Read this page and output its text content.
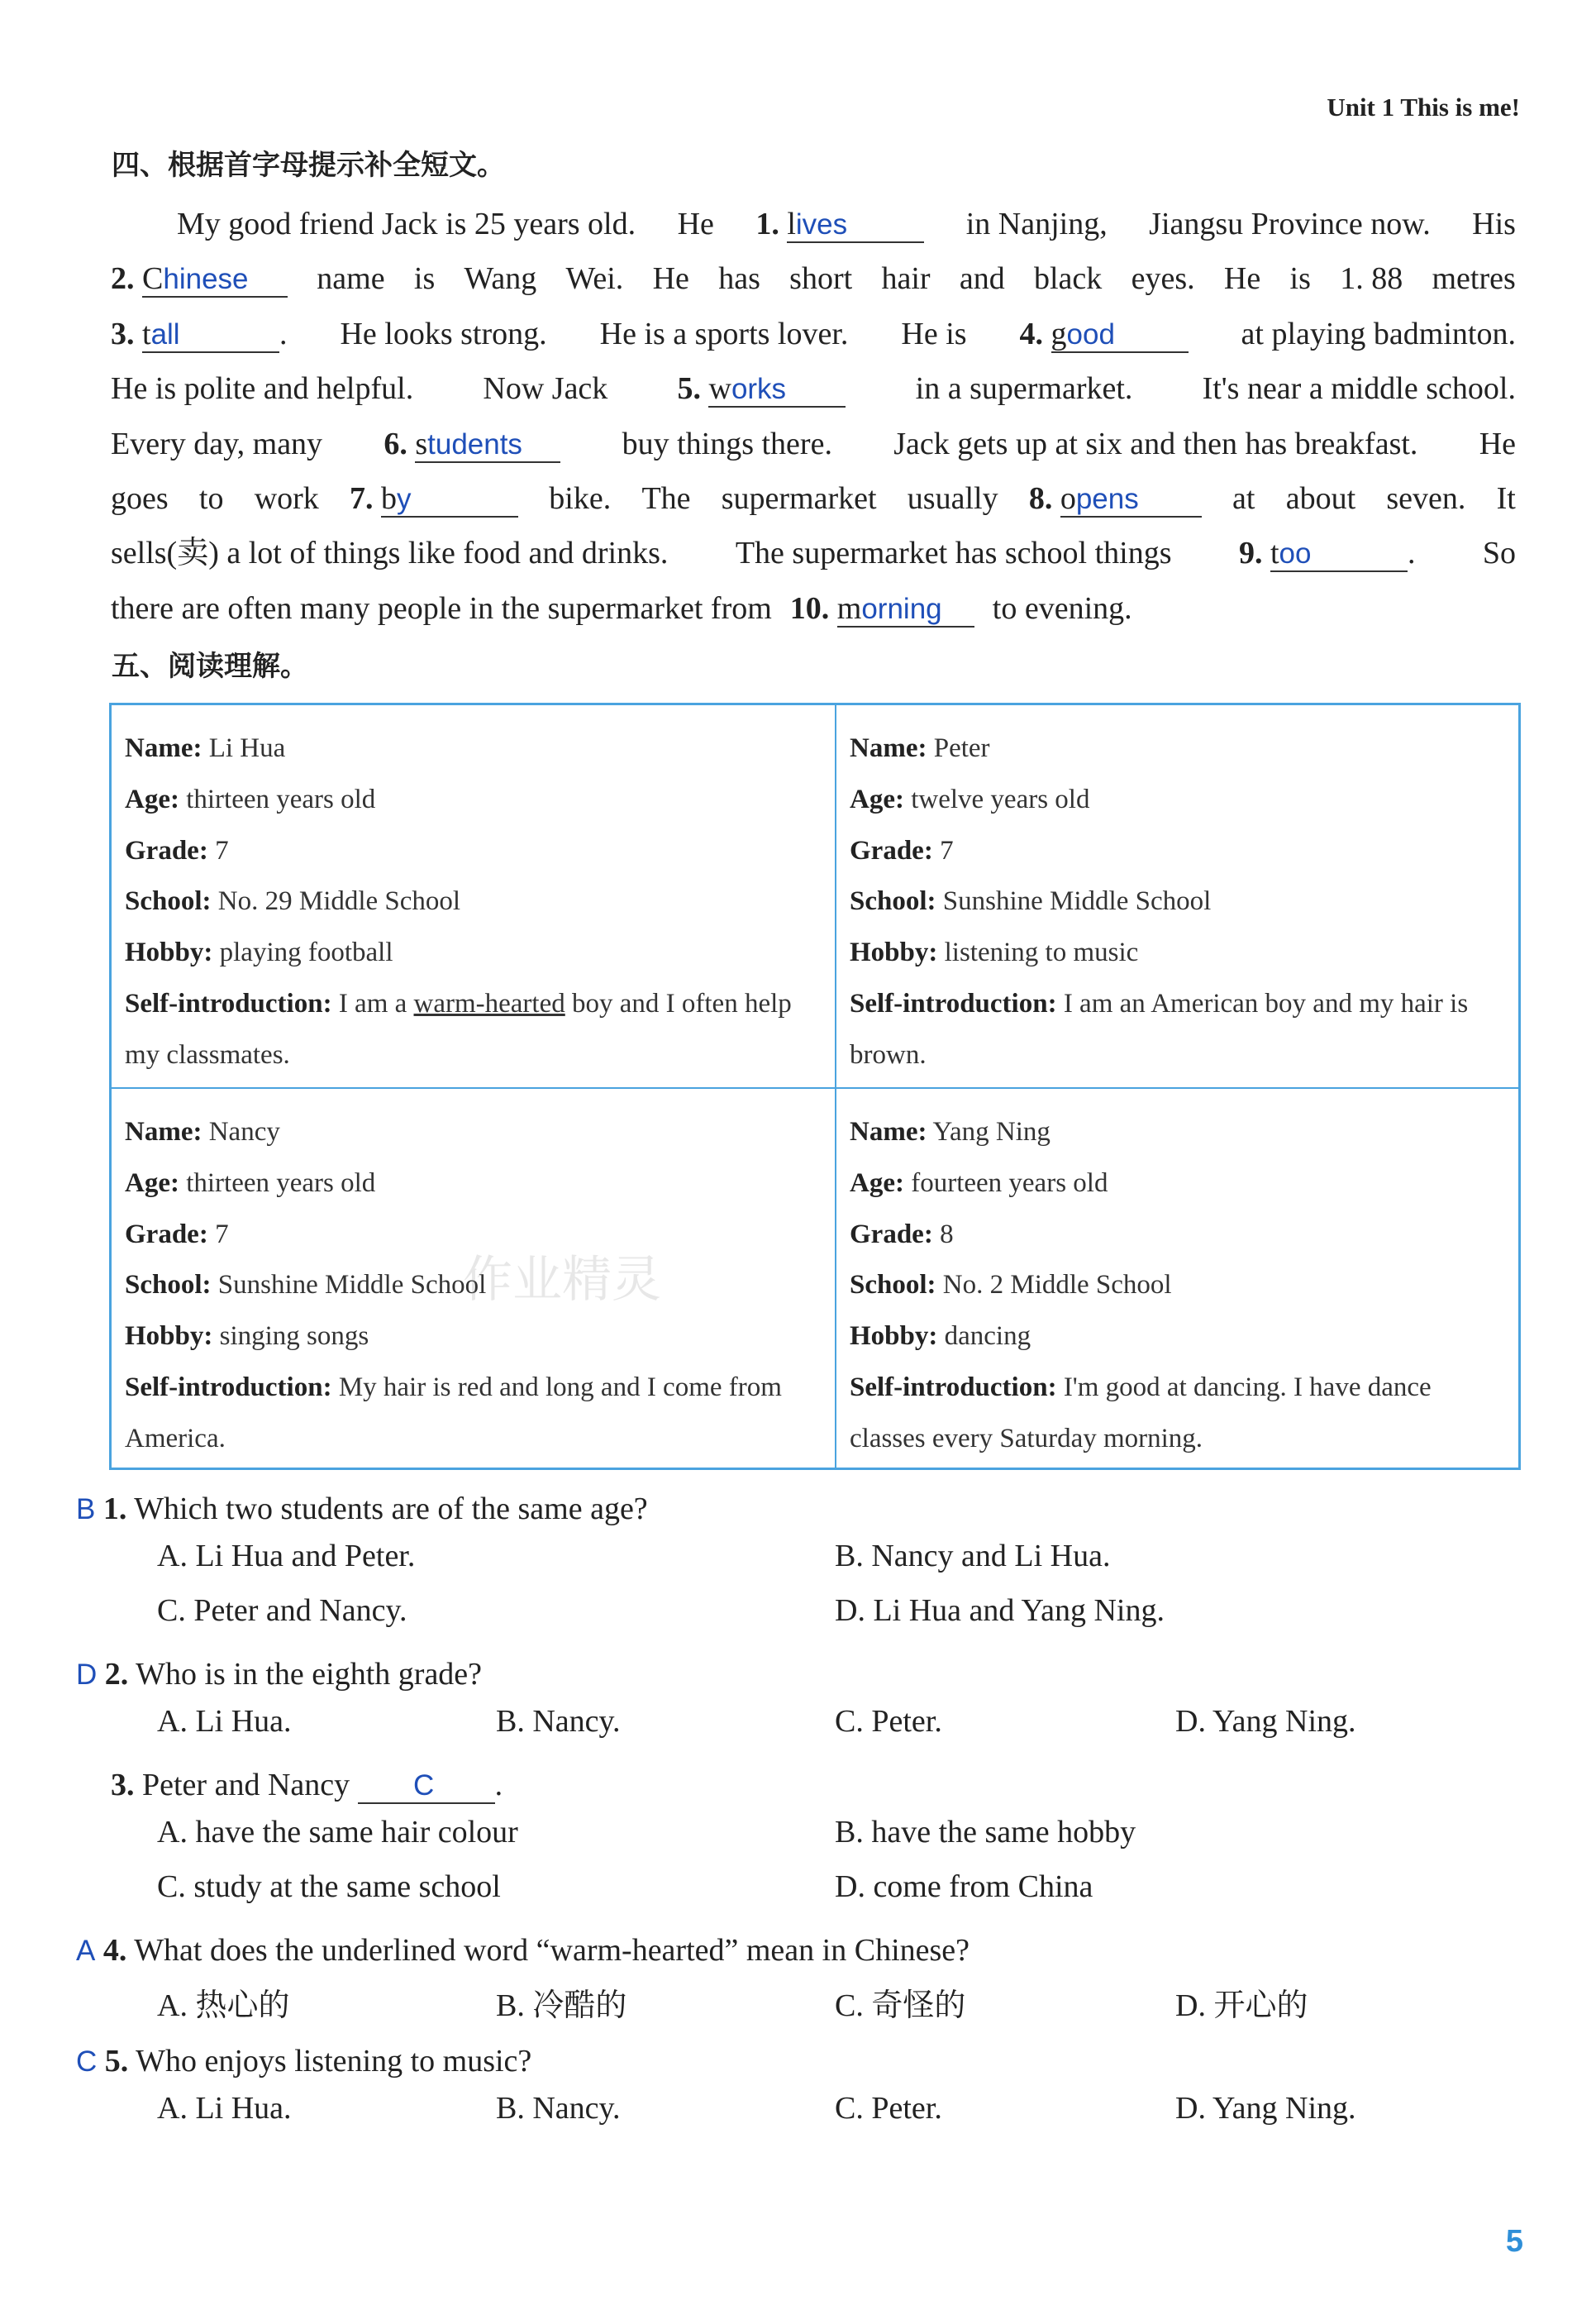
Unit 1 This is me!
四、根据首字母提示补全短文。
My good friend Jack is 25 years old. He 1. lives	in Nanjing, Jiangsu Province now. His
2. Chinese	name is Wang Wei. He has short hair and black eyes. He is 1. 88 metres
3. tall	. He looks strong. He is a sports lover. He is 4. good	at playing badminton.
He is polite and helpful. Now Jack 5. works	in a supermarket. It's near a middle school.
Every day, many 6. students	buy things there. Jack gets up at six and then has breakfast. He
goes to work 7. by	bike. The supermarket usually 8. opens	at about seven. It
sells(卖) a lot of things like food and drinks. The supermarket has school things 9. too	. So
there are often many people in the supermarket from 10. morning	to evening.
五、阅读理解。
Name: Li Hua
Age: thirteen years old
Grade: 7
School: No. 29 Middle School
Hobby: playing football
Self-introduction: I am a warm-hearted boy and I often help my classmates.
Name: Peter
Age: twelve years old
Grade: 7
School: Sunshine Middle School
Hobby: listening to music
Self-introduction: I am an American boy and my hair is brown.
Name: Nancy
Age: thirteen years old
Grade: 7
School: Sunshine Middle School
Hobby: singing songs
Self-introduction: My hair is red and long and I come from America.
Name: Yang Ning
Age: fourteen years old
Grade: 8
School: No. 2 Middle School
Hobby: dancing
Self-introduction: I'm good at dancing. I have dance classes every Saturday morning.
B 1. Which two students are of the same age?
A. Li Hua and Peter.	B. Nancy and Li Hua.
C. Peter and Nancy.	D. Li Hua and Yang Ning.
D 2. Who is in the eighth grade?
A. Li Hua.	B. Nancy.	C. Peter.	D. Yang Ning.
3. Peter and Nancy C .
A. have the same hair colour	B. have the same hobby
C. study at the same school	D. come from China
A 4. What does the underlined word “warm-hearted” mean in Chinese?
A. 热心的	B. 冷酷的	C. 奇怪的	D. 开心的
C 5. Who enjoys listening to music?
A. Li Hua.	B. Nancy.	C. Peter.	D. Yang Ning.
作业精灵
5
